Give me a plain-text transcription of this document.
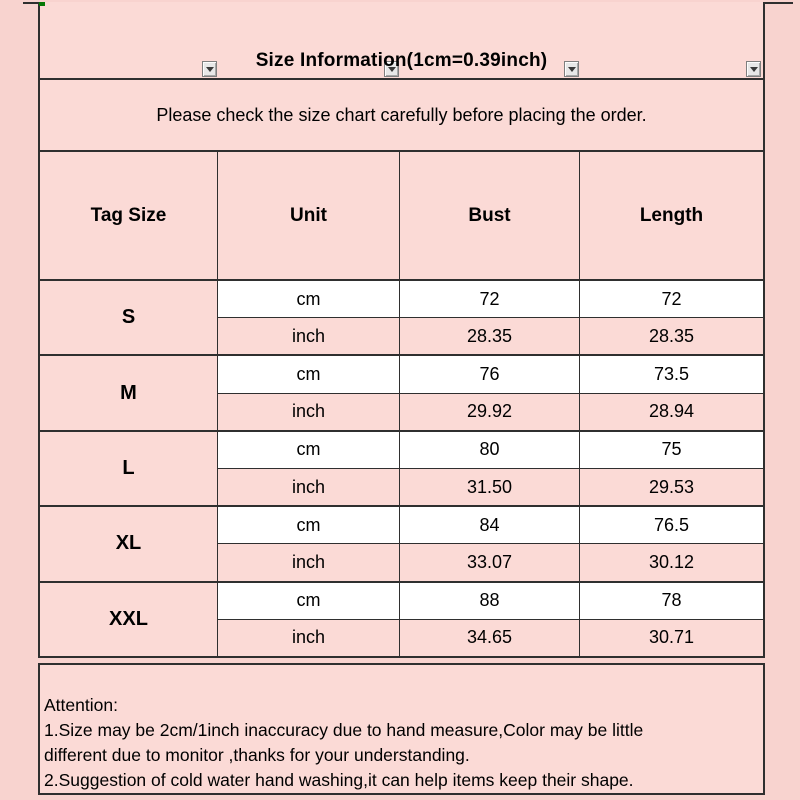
Size Information(1cm=0.39inch)
Please check the size chart carefully before placing the order.
Tag Size	Unit	Bust	Length
S
cm	72	72
inch	28.35	28.35
M
cm	76	73.5
inch	29.92	28.94
L
cm	80	75
inch	31.50	29.53
XL
cm	84	76.5
inch	33.07	30.12
XXL
cm	88	78
inch	34.65	30.71
Attention:
1.Size may be 2cm/1inch inaccuracy due to hand measure,Color may be little
different due to monitor ,thanks for your understanding.
2.Suggestion of cold water hand washing,it can help items keep their shape.
